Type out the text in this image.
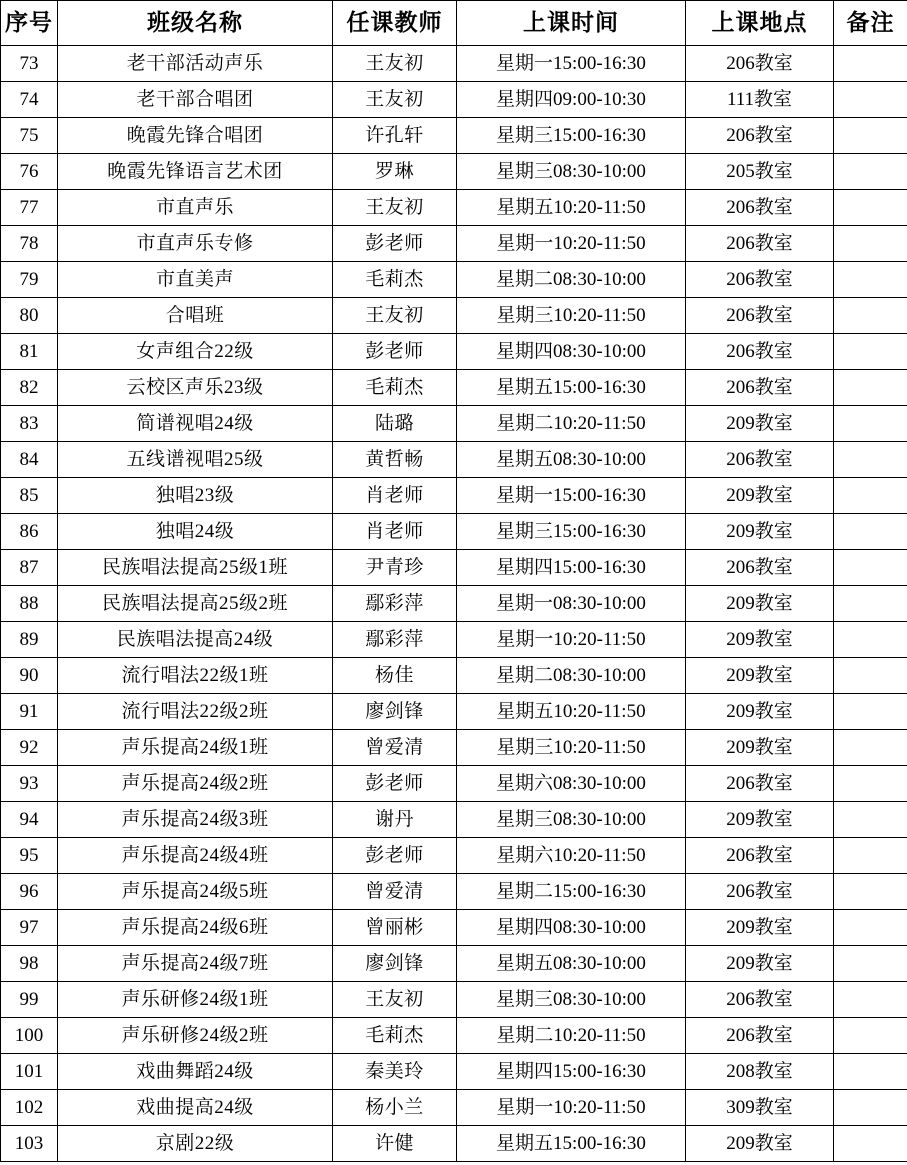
序号	班级名称	任课教师	上课时间	上课地点	备注
73	老干部活动声乐	王友初	星期一15:00-16:30	206教室	
74	老干部合唱团	王友初	星期四09:00-10:30	111教室	
75	晚霞先锋合唱团	许孔轩	星期三15:00-16:30	206教室	
76	晚霞先锋语言艺术团	罗琳	星期三08:30-10:00	205教室	
77	市直声乐	王友初	星期五10:20-11:50	206教室	
78	市直声乐专修	彭老师	星期一10:20-11:50	206教室	
79	市直美声	毛莉杰	星期二08:30-10:00	206教室	
80	合唱班	王友初	星期三10:20-11:50	206教室	
81	女声组合22级	彭老师	星期四08:30-10:00	206教室	
82	云校区声乐23级	毛莉杰	星期五15:00-16:30	206教室	
83	简谱视唱24级	陆璐	星期二10:20-11:50	209教室	
84	五线谱视唱25级	黄哲畅	星期五08:30-10:00	206教室	
85	独唱23级	肖老师	星期一15:00-16:30	209教室	
86	独唱24级	肖老师	星期三15:00-16:30	209教室	
87	民族唱法提高25级1班	尹青珍	星期四15:00-16:30	206教室	
88	民族唱法提高25级2班	鄢彩萍	星期一08:30-10:00	209教室	
89	民族唱法提高24级	鄢彩萍	星期一10:20-11:50	209教室	
90	流行唱法22级1班	杨佳	星期二08:30-10:00	209教室	
91	流行唱法22级2班	廖剑锋	星期五10:20-11:50	209教室	
92	声乐提高24级1班	曾爱清	星期三10:20-11:50	209教室	
93	声乐提高24级2班	彭老师	星期六08:30-10:00	206教室	
94	声乐提高24级3班	谢丹	星期三08:30-10:00	209教室	
95	声乐提高24级4班	彭老师	星期六10:20-11:50	206教室	
96	声乐提高24级5班	曾爱清	星期二15:00-16:30	206教室	
97	声乐提高24级6班	曾丽彬	星期四08:30-10:00	209教室	
98	声乐提高24级7班	廖剑锋	星期五08:30-10:00	209教室	
99	声乐研修24级1班	王友初	星期三08:30-10:00	206教室	
100	声乐研修24级2班	毛莉杰	星期二10:20-11:50	206教室	
101	戏曲舞蹈24级	秦美玲	星期四15:00-16:30	208教室	
102	戏曲提高24级	杨小兰	星期一10:20-11:50	309教室	
103	京剧22级	许健	星期五15:00-16:30	209教室	
